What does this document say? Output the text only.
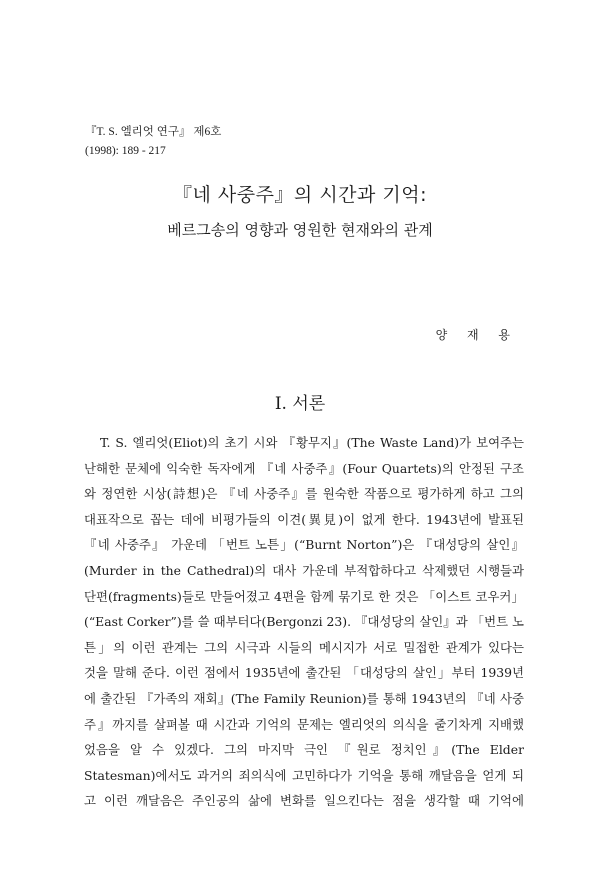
『T. S. 엘리엇 연구』 제6호
(1998): 189 - 217
『네 사중주』의 시간과 기억:
베르그송의 영향과 영원한 현재와의 관계
양 재 용
I. 서론
T. S. 엘리엇(Eliot)의 초기 시와 『황무지』(The Waste Land)가 보여주는
난해한 문체에 익숙한 독자에게 『네 사중주』(Four Quartets)의 안정된 구조
와 정연한 시상(詩想)은 『네 사중주』를 원숙한 작품으로 평가하게 하고 그의
대표작으로 꼽는 데에 비평가들의 이견(異見)이 없게 한다. 1943년에 발표된
『네 사중주』 가운데 「번트 노튼」(“Burnt Norton”)은 『대성당의 살인』
(Murder in the Cathedral)의 대사 가운데 부적합하다고 삭제했던 시행들과
단편(fragments)들로 만들어졌고 4편을 함께 묶기로 한 것은 「이스트 코우커」
(“East Corker”)를 쓸 때부터다(Bergonzi 23). 『대성당의 살인』과 「번트 노
튼」의 이런 관계는 그의 시극과 시들의 메시지가 서로 밀접한 관계가 있다는
것을 말해 준다. 이런 점에서 1935년에 출간된 「대성당의 살인」부터 1939년
에 출간된 『가족의 재회』(The Family Reunion)를 통해 1943년의 『네 사중
주』까지를 살펴볼 때 시간과 기억의 문제는 엘리엇의 의식을 줄기차게 지배했
었음을 알 수 있겠다. 그의 마지막 극인 『원로 정치인』(The Elder
Statesman)에서도 과거의 죄의식에 고민하다가 기억을 통해 깨달음을 얻게 되
고 이런 깨달음은 주인공의 삶에 변화를 일으킨다는 점을 생각할 때 기억에
